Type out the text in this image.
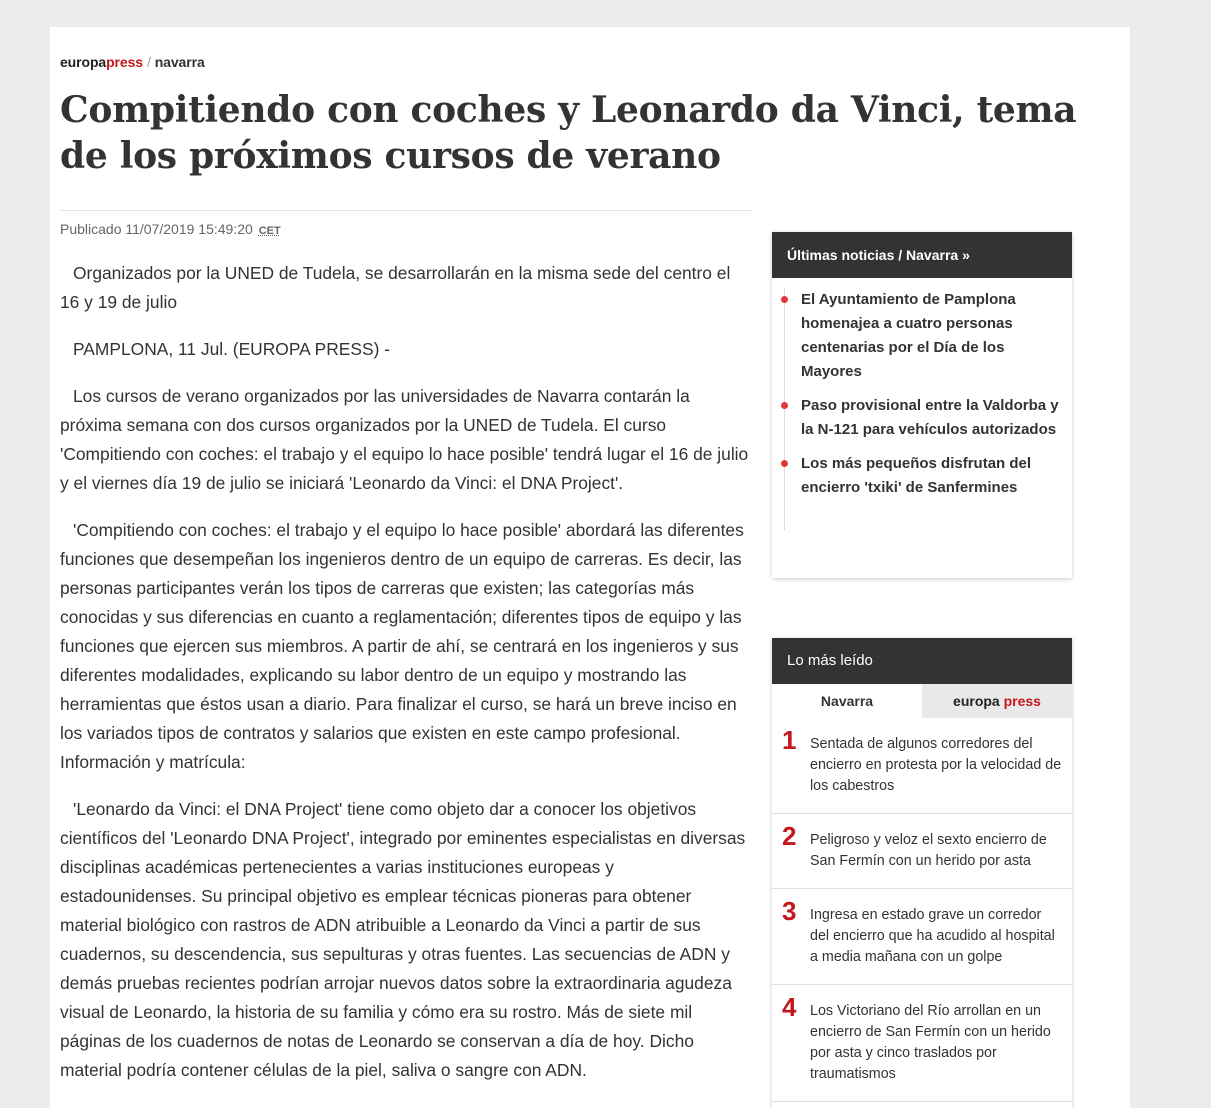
europapress / navarra
Compitiendo con coches y Leonardo da Vinci, tema de los próximos cursos de verano
Publicado 11/07/2019 15:49:20 CET

Organizados por la UNED de Tudela, se desarrollarán en la misma sede del centro el 16 y 19 de julio

PAMPLONA, 11 Jul. (EUROPA PRESS) -

Los cursos de verano organizados por las universidades de Navarra contarán la próxima semana con dos cursos organizados por la UNED de Tudela. El curso 'Compitiendo con coches: el trabajo y el equipo lo hace posible' tendrá lugar el 16 de julio y el viernes día 19 de julio se iniciará 'Leonardo da Vinci: el DNA Project'.

'Compitiendo con coches: el trabajo y el equipo lo hace posible' abordará las diferentes funciones que desempeñan los ingenieros dentro de un equipo de carreras. Es decir, las personas participantes verán los tipos de carreras que existen; las categorías más conocidas y sus diferencias en cuanto a reglamentación; diferentes tipos de equipo y las funciones que ejercen sus miembros. A partir de ahí, se centrará en los ingenieros y sus diferentes modalidades, explicando su labor dentro de un equipo y mostrando las herramientas que éstos usan a diario. Para finalizar el curso, se hará un breve inciso en los variados tipos de contratos y salarios que existen en este campo profesional. Información y matrícula:

'Leonardo da Vinci: el DNA Project' tiene como objeto dar a conocer los objetivos científicos del 'Leonardo DNA Project', integrado por eminentes especialistas en diversas disciplinas académicas pertenecientes a varias instituciones europeas y estadounidenses. Su principal objetivo es emplear técnicas pioneras para obtener material biológico con rastros de ADN atribuible a Leonardo da Vinci a partir de sus cuadernos, su descendencia, sus sepulturas y otras fuentes. Las secuencias de ADN y demás pruebas recientes podrían arrojar nuevos datos sobre la extraordinaria agudeza visual de Leonardo, la historia de su familia y cómo era su rostro. Más de siete mil páginas de los cuadernos de notas de Leonardo se conservan a día de hoy. Dicho material podría contener células de la piel, saliva o sangre con ADN.

Últimas noticias / Navarra »
El Ayuntamiento de Pamplona homenajea a cuatro personas centenarias por el Día de los Mayores
Paso provisional entre la Valdorba y la N-121 para vehículos autorizados
Los más pequeños disfrutan del encierro 'txiki' de Sanfermines
Lo más leído
Navarra	europa press
1 Sentada de algunos corredores del encierro en protesta por la velocidad de los cabestros
2 Peligroso y veloz el sexto encierro de San Fermín con un herido por asta
3 Ingresa en estado grave un corredor del encierro que ha acudido al hospital a media mañana con un golpe
4 Los Victoriano del Río arrollan en un encierro de San Fermín con un herido por asta y cinco traslados por traumatismos
